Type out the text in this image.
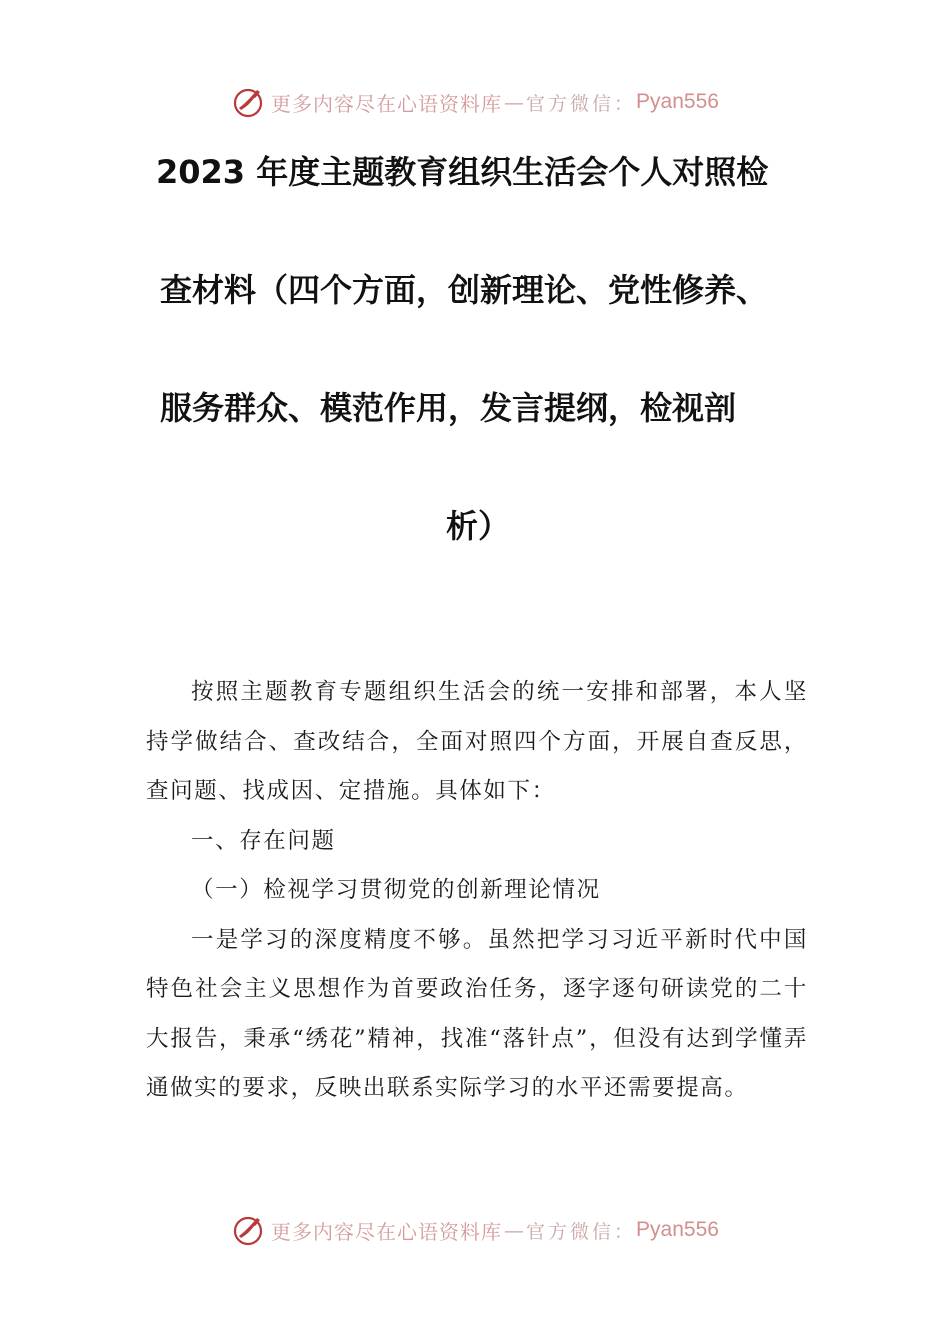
更多内容尽在心语资料库 — 官方微信： Pyan556
2023 年度主题教育组织生活会个人对照检
查材料（四个方面，创新理论、党性修养、
服务群众、模范作用，发言提纲，检视剖
析）

按照主题教育专题组织生活会的统一安排和部署，本人坚持学做结合、查改结合，全面对照四个方面，开展自查反思，查问题、找成因、定措施。具体如下：

一、存在问题

（一）检视学习贯彻党的创新理论情况

一是学习的深度精度不够。虽然把学习习近平新时代中国特色社会主义思想作为首要政治任务，逐字逐句研读党的二十大报告，秉承“绣花”精神，找准“落针点”，但没有达到学懂弄通做实的要求，反映出联系实际学习的水平还需要提高。

更多内容尽在心语资料库 — 官方微信： Pyan556
